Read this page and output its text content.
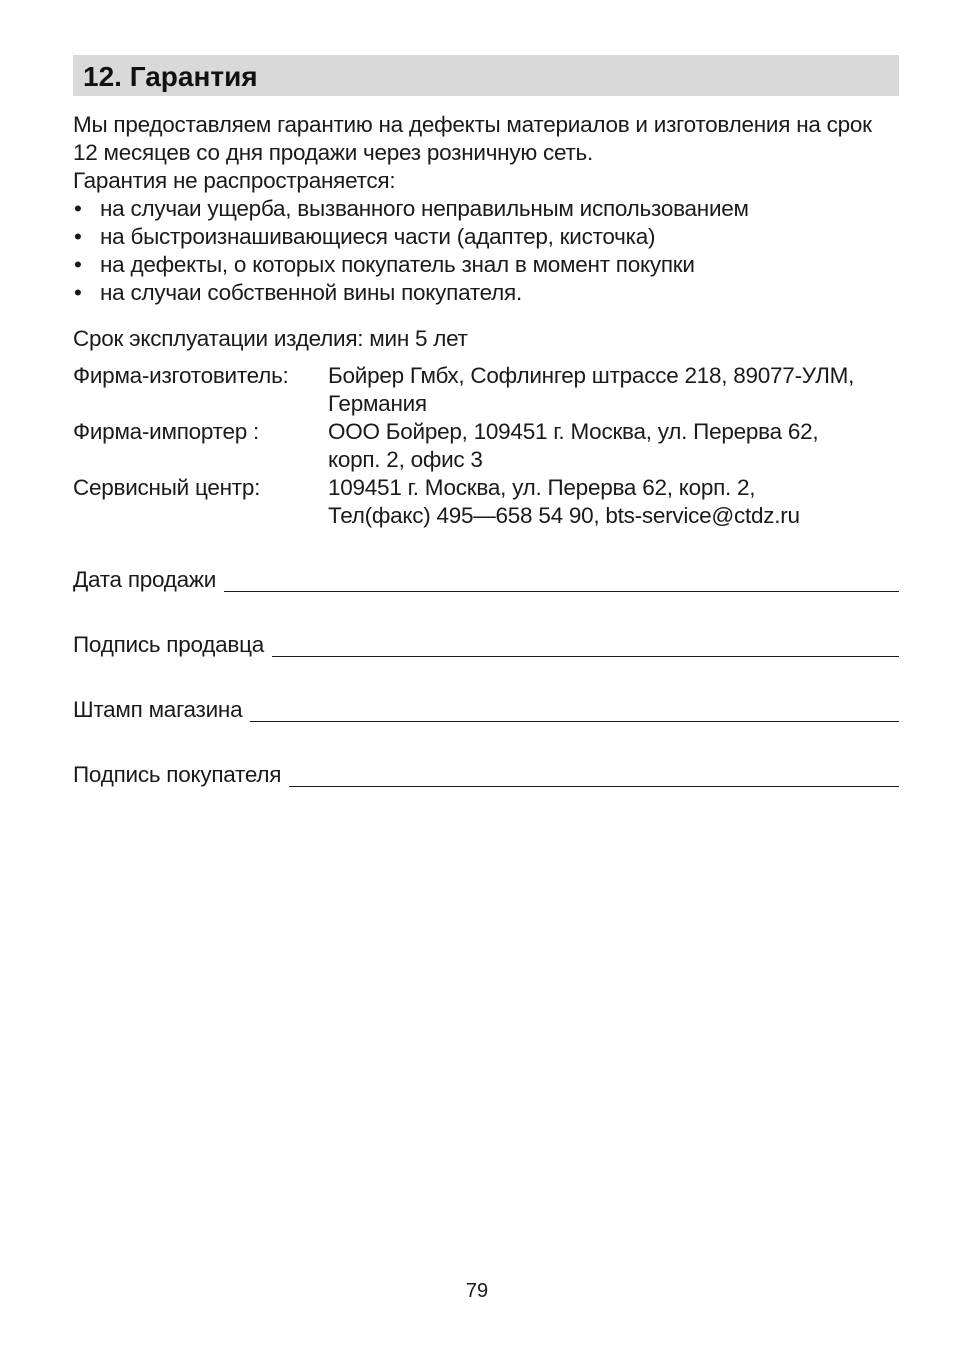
12. Гарантия

Мы предоставляем гарантию на дефекты материалов и изготовления на срок

12 месяцев со дня продажи через розничную сеть.

Гарантия не распространяется:

• на случаи ущерба, вызванного неправильным использованием
• на быстроизнашивающиеся части (адаптер, кисточка)
• на дефекты, о которых покупатель знал в момент покупки
• на случаи собственной вины покупателя.
Срок эксплуатации изделия: мин 5 лет
Фирма-изготовитель:	Бойрер Гмбх, Софлингер штрассе 218, 89077-УЛМ,
Германия
Фирма-импортер :	ООО Бойрер, 109451 г. Москва, ул. Перерва 62,
корп. 2, офис 3
Сервисный центр:	109451 г. Москва, ул. Перерва 62, корп. 2,
Тел(факс) 495—658 54 90, bts-service@ctdz.ru
Дата продажи
Подпись продавца
Штамп магазина
Подпись покупателя
79
